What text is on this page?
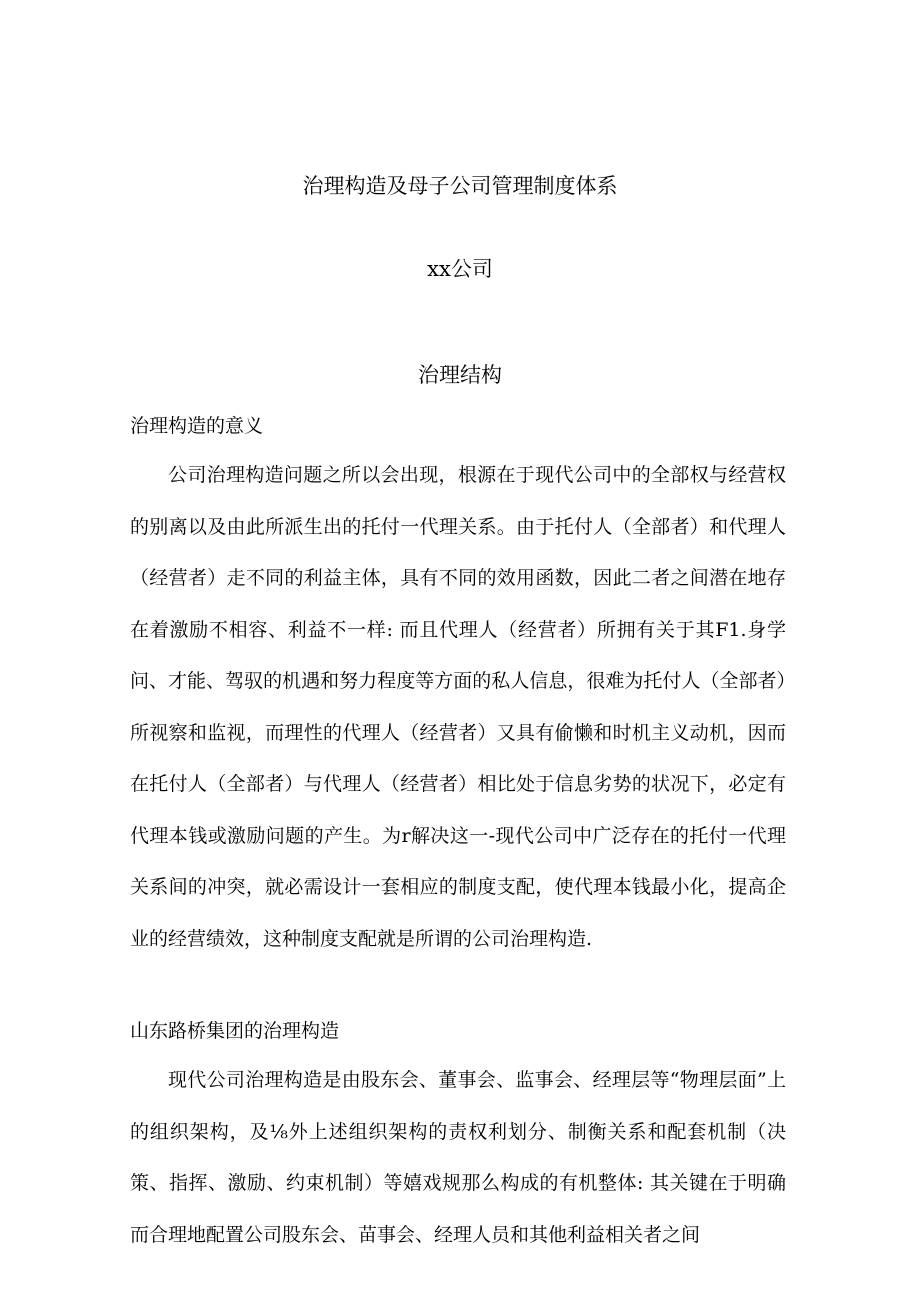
治理构造及母子公司管理制度体系
xx公司
治理结构
治理构造的意义

公司治理构造问题之所以会出现，根源在于现代公司中的全部权与经营权的别离以及由此所派生出的托付一代理关系。由于托付人（全部者）和代理人（经营者）走不同的利益主体，具有不同的效用函数，因此二者之间潜在地存在着激励不相容、利益不一样: 而且代理人（经营者）所拥有关于其F1.身学问、才能、驾驭的机遇和努力程度等方面的私人信息，很难为托付人（全部者）所视察和监视，而理性的代理人（经营者）又具有偷懒和时机主义动机，因而在托付人（全部者）与代理人（经营者）相比处于信息劣势的状况下，必定有代理本钱或激励问题的产生。为r解决这一-现代公司中广泛存在的托付一代理关系间的冲突，就必需设计一套相应的制度支配，使代理本钱最小化，提高企业的经营绩效，这种制度支配就是所谓的公司治理构造.

山东路桥集团的治理构造

现代公司治理构造是由股东会、董事会、监事会、经理层等“物理层面”上的组织架构，及⅛外上述组织架构的责权利划分、制衡关系和配套机制（决策、指挥、激励、约束机制）等嬉戏规那么构成的有机整体: 其关键在于明确而合理地配置公司股东会、苗事会、经理人员和其他利益相关者之间
